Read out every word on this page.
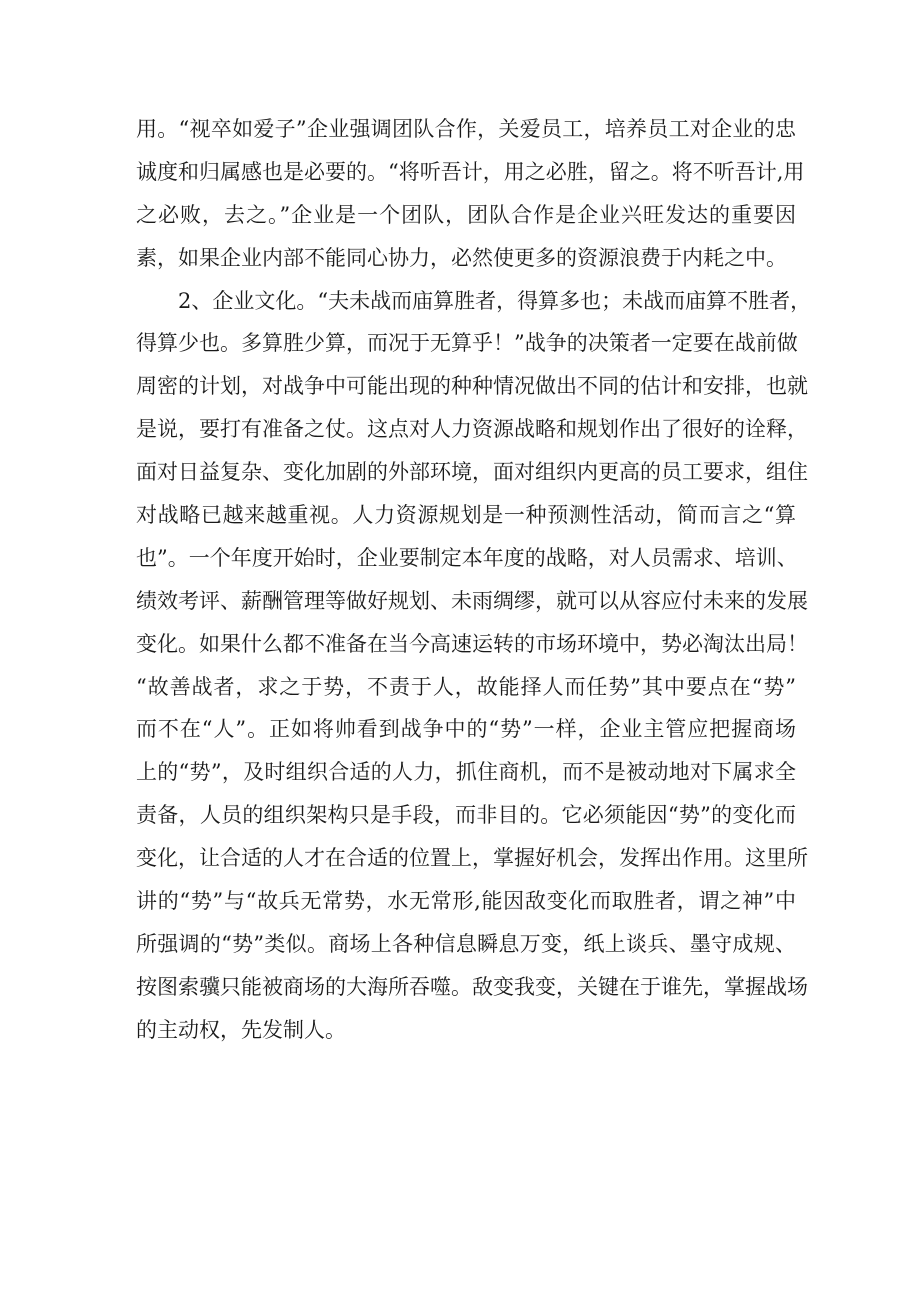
用。“视卒如爱子”企业强调团队合作，关爱员工，培养员工对企业的忠
诚度和归属感也是必要的。“将听吾计，用之必胜，留之。将不听吾计,用
之必败，去之。”企业是一个团队，团队合作是企业兴旺发达的重要因
素，如果企业内部不能同心协力，必然使更多的资源浪费于内耗之中。
2、企业文化。“夫未战而庙算胜者，得算多也；未战而庙算不胜者，
得算少也。多算胜少算，而况于无算乎！”战争的决策者一定要在战前做
周密的计划，对战争中可能出现的种种情况做出不同的估计和安排，也就
是说，要打有准备之仗。这点对人力资源战略和规划作出了很好的诠释，
面对日益复杂、变化加剧的外部环境，面对组织内更高的员工要求，组住
对战略已越来越重视。人力资源规划是一种预测性活动，简而言之“算
也”。一个年度开始时，企业要制定本年度的战略，对人员需求、培训、
绩效考评、薪酬管理等做好规划、未雨绸缪，就可以从容应付未来的发展
变化。如果什么都不准备在当今高速运转的市场环境中，势必淘汰出局！
“故善战者，求之于势，不责于人，故能择人而任势”其中要点在“势”
而不在“人”。正如将帅看到战争中的“势”一样，企业主管应把握商场
上的“势”，及时组织合适的人力，抓住商机，而不是被动地对下属求全
责备，人员的组织架构只是手段，而非目的。它必须能因“势”的变化而
变化，让合适的人才在合适的位置上，掌握好机会，发挥出作用。这里所
讲的“势”与“故兵无常势，水无常形,能因敌变化而取胜者，谓之神”中
所强调的“势”类似。商场上各种信息瞬息万变，纸上谈兵、墨守成规、
按图索骥只能被商场的大海所吞噬。敌变我变，关键在于谁先，掌握战场
的主动权，先发制人。
